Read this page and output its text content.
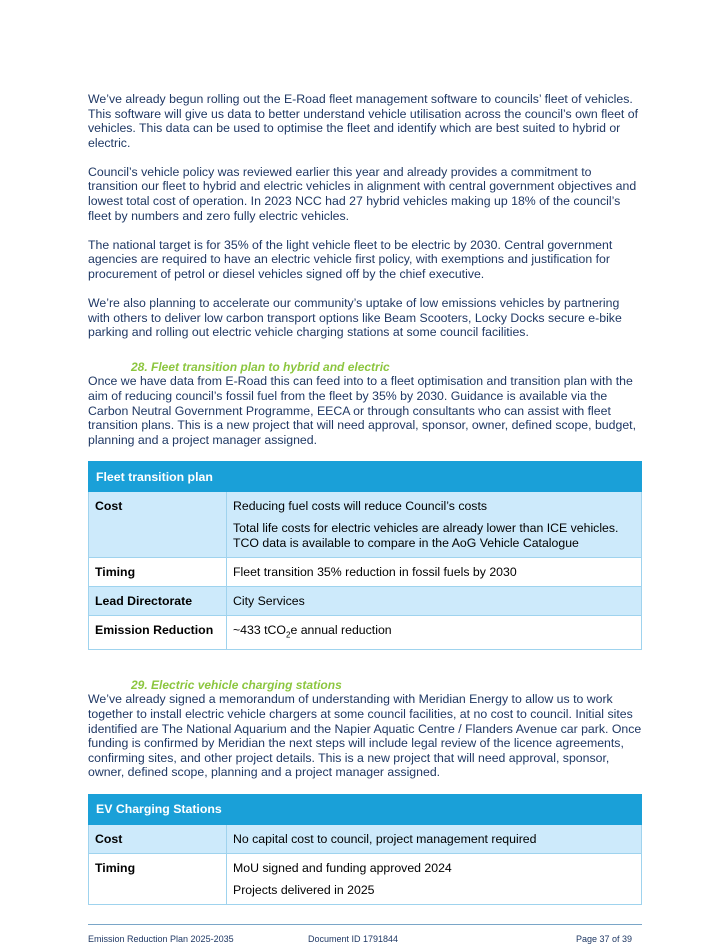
We’ve already begun rolling out the E-Road fleet management software to councils’ fleet of vehicles. This software will give us data to better understand vehicle utilisation across the council’s own fleet of vehicles. This data can be used to optimise the fleet and identify which are best suited to hybrid or electric.

Council’s vehicle policy was reviewed earlier this year and already provides a commitment to transition our fleet to hybrid and electric vehicles in alignment with central government objectives and lowest total cost of operation. In 2023 NCC had 27 hybrid vehicles making up 18% of the council’s fleet by numbers and zero fully electric vehicles.

The national target is for 35% of the light vehicle fleet to be electric by 2030. Central government agencies are required to have an electric vehicle first policy, with exemptions and justification for procurement of petrol or diesel vehicles signed off by the chief executive.

We’re also planning to accelerate our community’s uptake of low emissions vehicles by partnering with others to deliver low carbon transport options like Beam Scooters, Locky Docks secure e-bike parking and rolling out electric vehicle charging stations at some council facilities.

28. Fleet transition plan to hybrid and electric

Once we have data from E-Road this can feed into to a fleet optimisation and transition plan with the aim of reducing council’s fossil fuel from the fleet by 35% by 2030. Guidance is available via the Carbon Neutral Government Programme, EECA or through consultants who can assist with fleet transition plans. This is a new project that will need approval, sponsor, owner, defined scope, budget, planning and a project manager assigned.

Fleet transition plan	
Cost	Reducing fuel costs will reduce Council’s costs

Total life costs for electric vehicles are already lower than ICE vehicles. TCO data is available to compare in the AoG Vehicle Catalogue

Timing	Fleet transition 35% reduction in fossil fuels by 2030
Lead Directorate	City Services
Emission Reduction	~433 tCO$_2$e annual reduction

29. Electric vehicle charging stations

We’ve already signed a memorandum of understanding with Meridian Energy to allow us to work together to install electric vehicle chargers at some council facilities, at no cost to council. Initial sites identified are The National Aquarium and the Napier Aquatic Centre / Flanders Avenue car park. Once funding is confirmed by Meridian the next steps will include legal review of the licence agreements, confirming sites, and other project details. This is a new project that will need approval, sponsor, owner, defined scope, planning and a project manager assigned.

EV Charging Stations	
Cost	No capital cost to council, project management required
Timing	MoU signed and funding approved 2024

Projects delivered in 2025

Emission Reduction Plan 2025-2035	Document ID 1791844	Page 37 of 39
